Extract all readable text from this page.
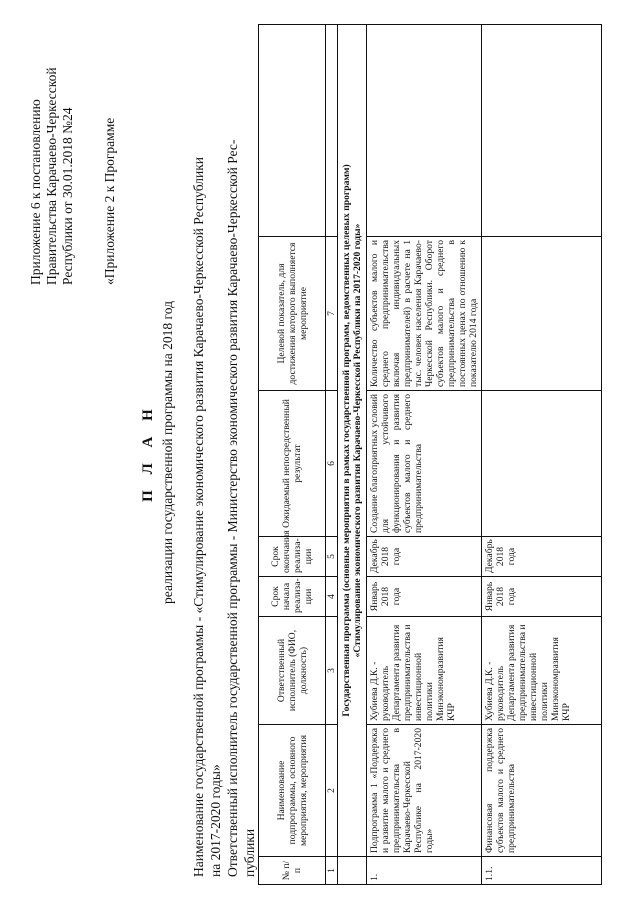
Приложение 6 к постановлению Правительства Карачаево-Черкесской Республики от 30.01.2018 №24 «Приложение 2 к Программе
П Л А Н реализации государственной программы на 2018 год Наименование государственной программы - «Стимулирование экономического развития Карачаево-Черкесской Республики на 2017-2020 годы» Ответственный исполнитель государственной программы - Министерство экономического развития Карачаево-Черкесской Рес- публики	№ п/п	Наименование подпрограммы, основного мероприятия, мероприятия	Ответственный исполнитель (ФИО, должность)	Срок начала реализа-ции	Срок окончания реализа-ции	Ожидаемый непосредственный результат	Целевой показатель, для достижения которого выполняется мероприятие	
1	2	3	4	5	6	7	

	Государственная программа (основные мероприятия в рамках государственной программ, ведомственных целевых программ) «Стимулирование экономического развития Карачаево-Черкесской Республики на 2017-2020 годы»						

1.	Подпрограмма 1 «Поддержка и развитие малого и среднего предпринимательства в Карачаево-Черкесской Республике на 2017-2020 годы»	Хубиева Д.К. - руководитель Департамента развития предпринимательства и инвестиционной политики Минэкономразвития КЧР	Январь 2018 года	Декабрь 2018 года	Создание благоприятных условий для устойчивого функционирования и развития субъектов малого и среднего предпринимательства	Количество субъектов малого и среднего предпринимательства включая индивидуальных предпринимателей) в расчете на 1 тыс. человек населения Карачаево-Черкесской Республики. Оборот субъектов малого и среднего предпринимательства в постоянных ценах по отношению к показателю 2014 года	
1.1.	Финансовая поддержка субъектов малого и среднего предпринимательства	Хубиева Д.К. - руководитель Департамента развития предпринимательства и инвестиционной политики Минэкономразвития КЧР	Январь 2018 года	Декабрь 2018 года			
